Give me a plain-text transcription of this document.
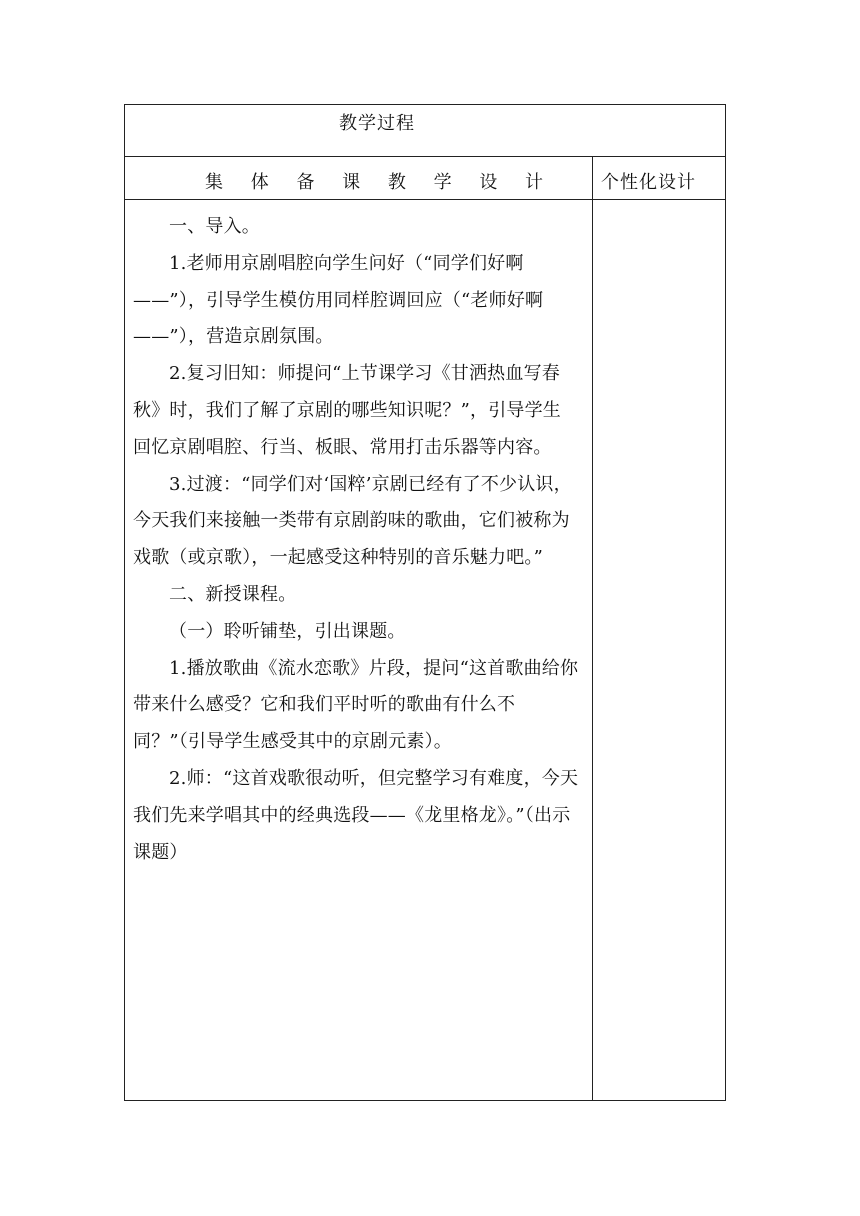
教学过程
集 体 备 课 教 学 设 计	个性化设计

一、导入。

1.老师用京剧唱腔向学生问好（“同学们好啊——”），引导学生模仿用同样腔调回应（“老师好啊——”），营造京剧氛围。

2.复习旧知：师提问“上节课学习《甘洒热血写春秋》时，我们了解了京剧的哪些知识呢？”，引导学生回忆京剧唱腔、行当、板眼、常用打击乐器等内容。

3.过渡：“同学们对‘国粹’京剧已经有了不少认识，今天我们来接触一类带有京剧韵味的歌曲，它们被称为戏歌（或京歌），一起感受这种特别的音乐魅力吧。”

二、新授课程。

（一）聆听铺垫，引出课题。

1.播放歌曲《流水恋歌》片段，提问“这首歌曲给你带来什么感受？它和我们平时听的歌曲有什么不同？”（引导学生感受其中的京剧元素）。

2.师：“这首戏歌很动听，但完整学习有难度，今天我们先来学唱其中的经典选段——《龙里格龙》。”（出示课题）
